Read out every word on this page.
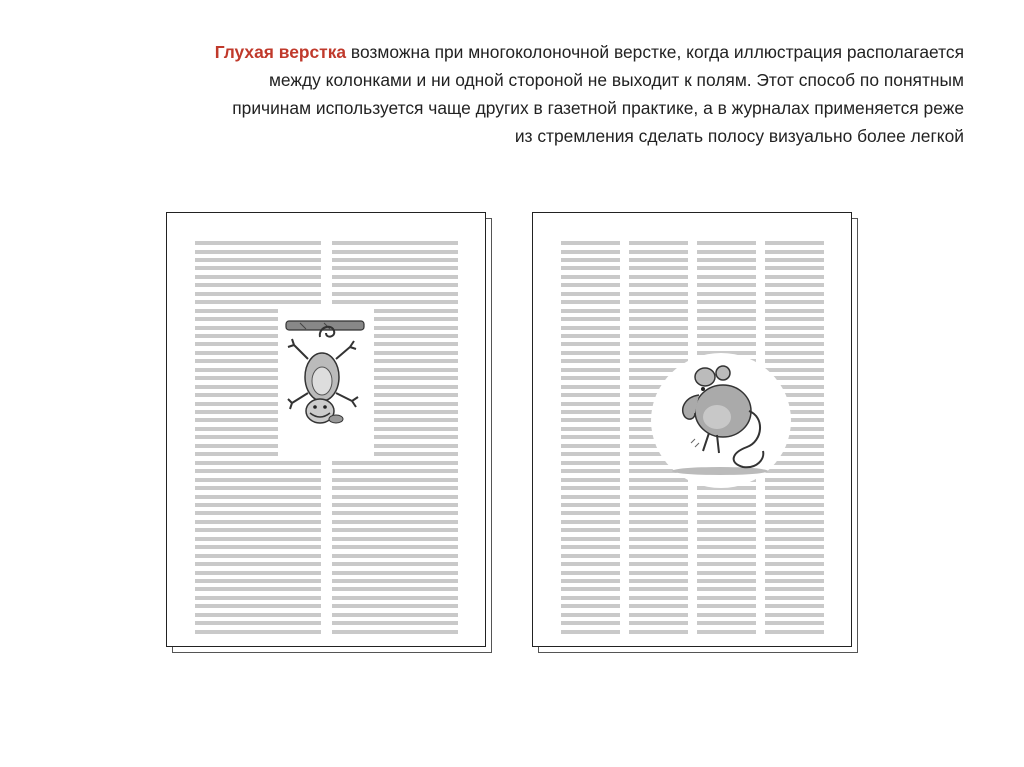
Глухая верстка возможна при многоколоночной верстке, когда иллюстрация располагается
между колонками и ни одной стороной не выходит к полям. Этот способ по понятным
причинам используется чаще других в газетной практике, а в журналах применяется реже
из стремления сделать полосу визуально более легкой
